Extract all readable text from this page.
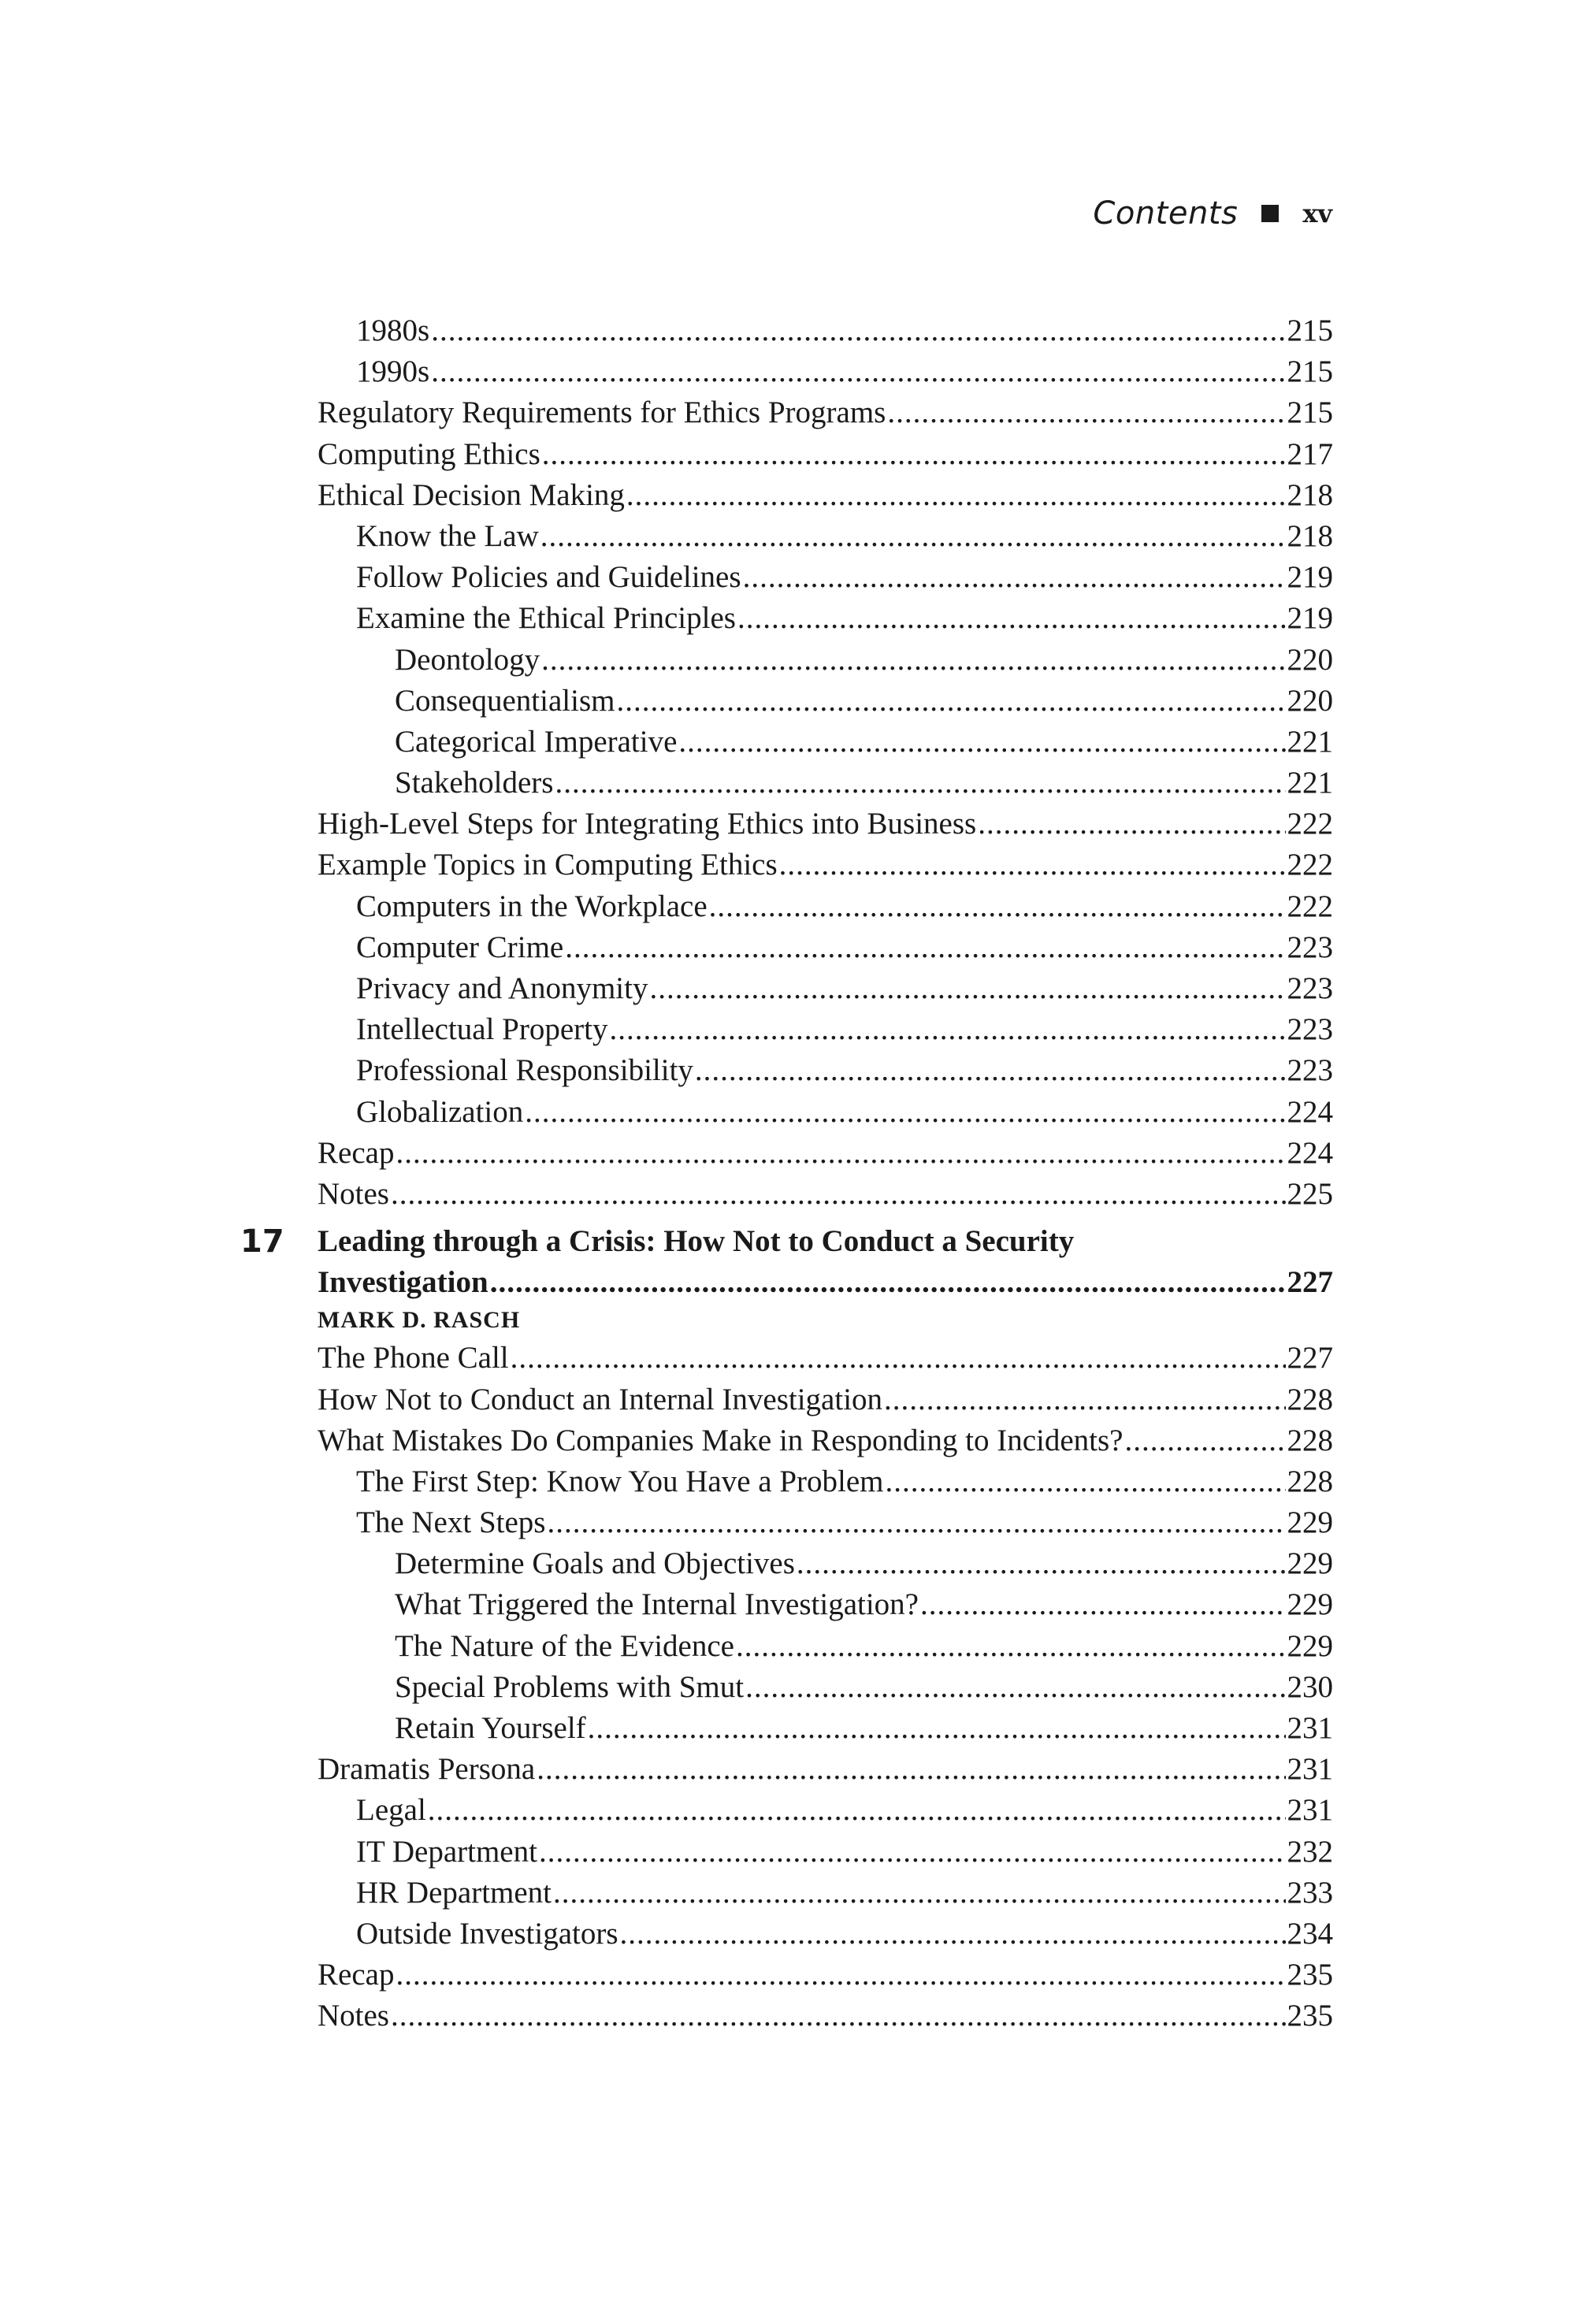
Contents	xv
1980s .....	215
1990s .....	215
Regulatory Requirements for Ethics Programs .....	215
Computing Ethics .....	217
Ethical Decision Making .....	218
Know the Law .....	218
Follow Policies and Guidelines .....	219
Examine the Ethical Principles .....	219
Deontology .....	220
Consequentialism .....	220
Categorical Imperative .....	221
Stakeholders .....	221
High-Level Steps for Integrating Ethics into Business .....	222
Example Topics in Computing Ethics .....	222
Computers in the Workplace .....	222
Computer Crime .....	223
Privacy and Anonymity .....	223
Intellectual Property .....	223
Professional Responsibility .....	223
Globalization .....	224
Recap .....	224
Notes .....	225
17 Leading through a Crisis: How Not to Conduct a Security
Investigation .....	227
MARK D. RASCH
The Phone Call .....	227
How Not to Conduct an Internal Investigation .....	228
What Mistakes Do Companies Make in Responding to Incidents? .....	228
The First Step: Know You Have a Problem .....	228
The Next Steps .....	229
Determine Goals and Objectives .....	229
What Triggered the Internal Investigation? .....	229
The Nature of the Evidence .....	229
Special Problems with Smut .....	230
Retain Yourself .....	231
Dramatis Persona .....	231
Legal .....	231
IT Department .....	232
HR Department .....	233
Outside Investigators .....	234
Recap .....	235
Notes .....	235
